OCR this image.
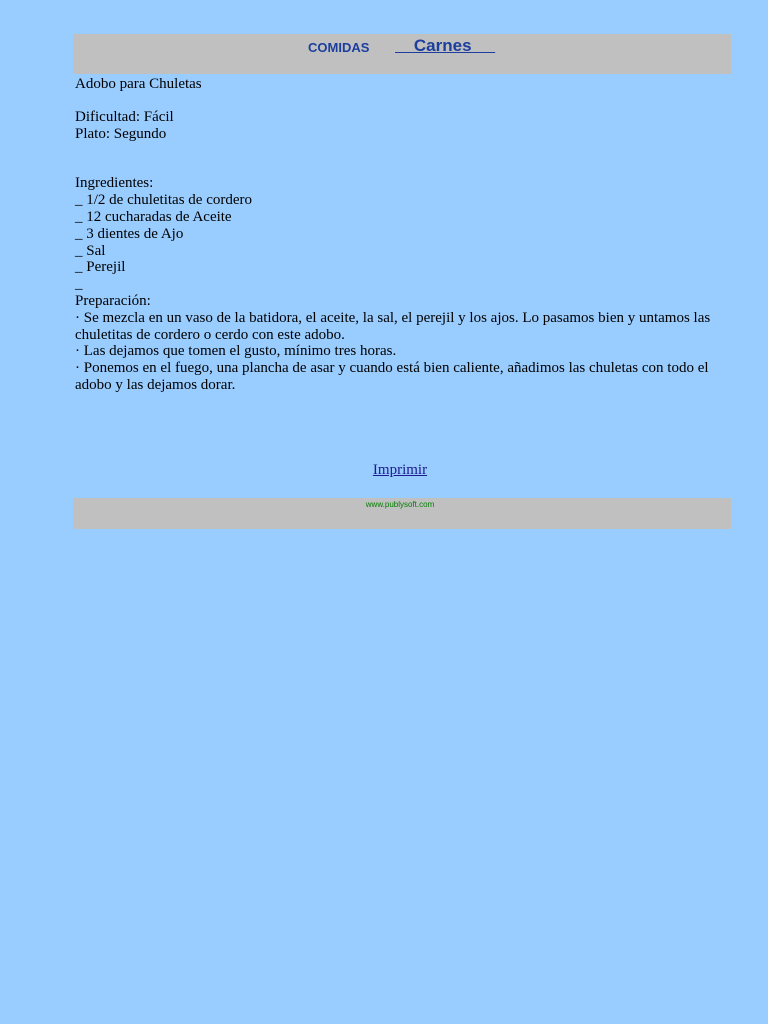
COMIDAS Carnes

Adobo para Chuletas

Dificultad: Fácil

Plato: Segundo

Ingredientes:

_ 1/2 de chuletitas de cordero

_ 12 cucharadas de Aceite

_ 3 dientes de Ajo

_ Sal

_ Perejil

_

Preparación:

· Se mezcla en un vaso de la batidora, el aceite, la sal, el perejil y los ajos. Lo pasamos bien y untamos las chuletitas de cordero o cerdo con este adobo.

· Las dejamos que tomen el gusto, mínimo tres horas.

· Ponemos en el fuego, una plancha de asar y cuando está bien caliente, añadimos las chuletas con todo el adobo y las dejamos dorar.

Imprimir
www.publysoft.com
